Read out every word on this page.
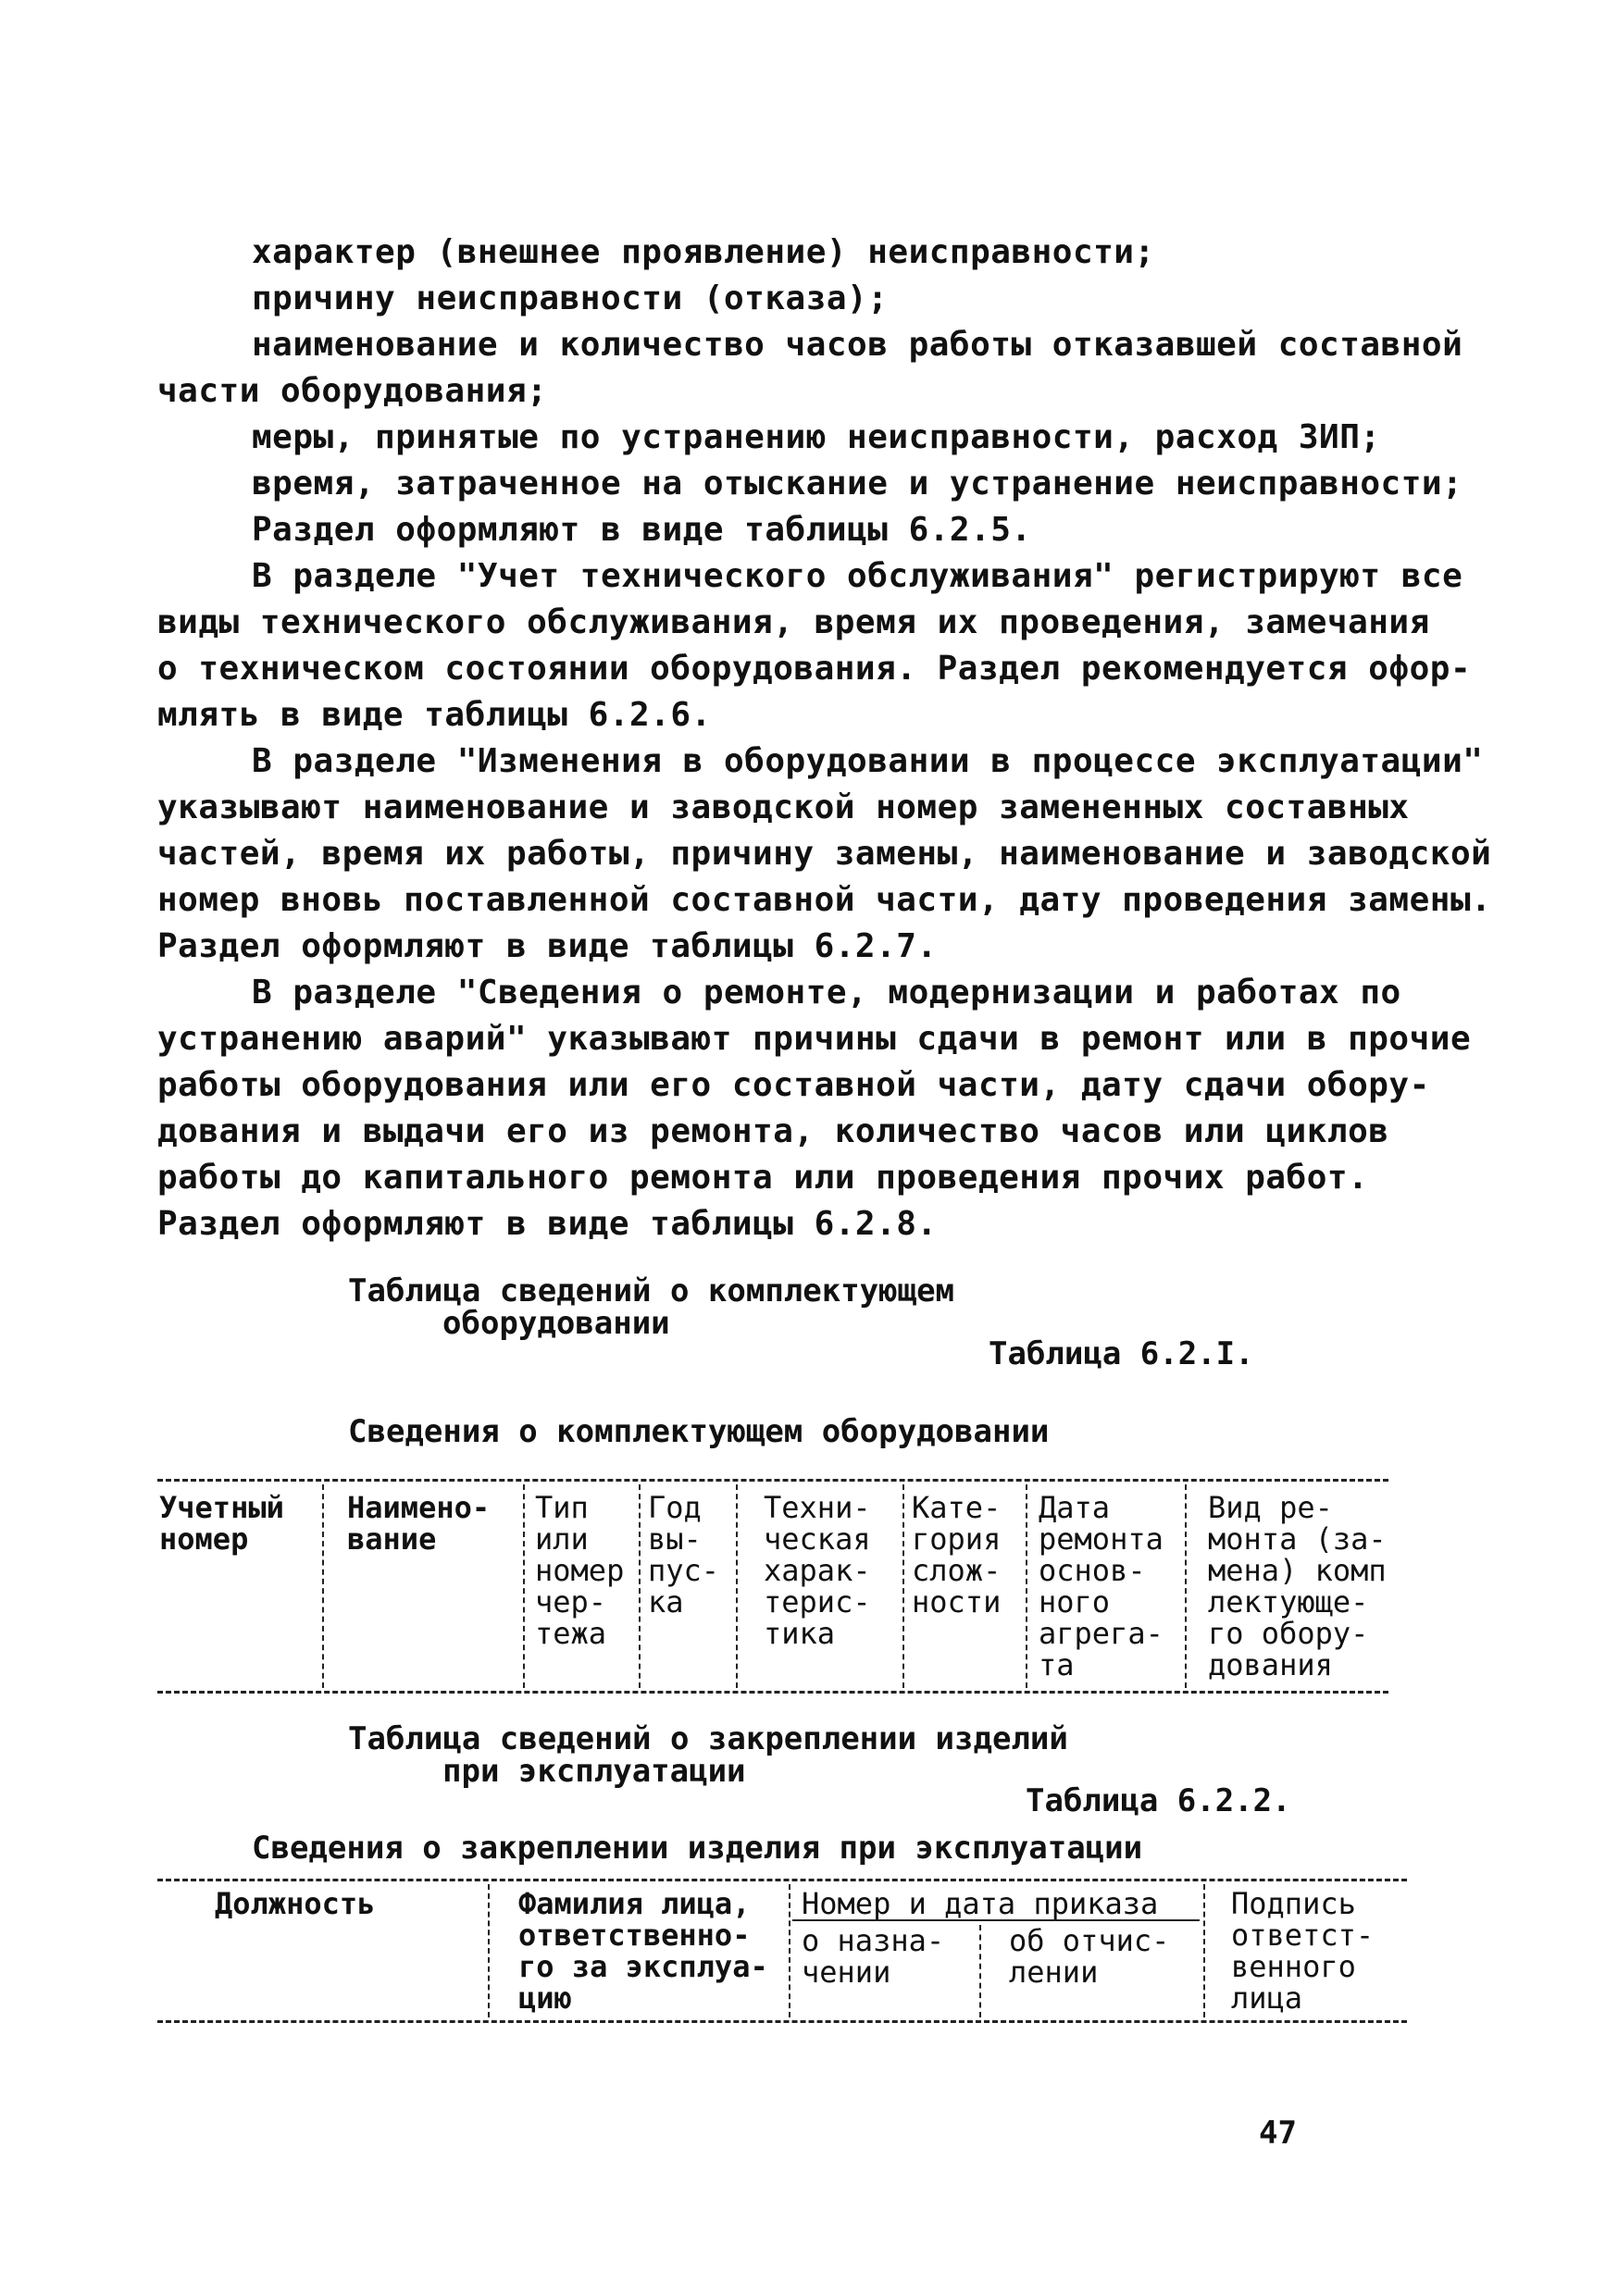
характер (внешнее проявление) неисправности;
причину неисправности (отказа);
наименование и количество часов работы отказавшей составной
части оборудования;
меры, принятые по устранению неисправности, расход ЗИП;
время, затраченное на отыскание и устранение неисправности;
Раздел оформляют в виде таблицы 6.2.5.
В разделе "Учет технического обслуживания" регистрируют все
виды технического обслуживания, время их проведения, замечания
о техническом состоянии оборудования. Раздел рекомендуется офор-
млять в виде таблицы 6.2.6.
В разделе "Изменения в оборудовании в процессе эксплуатации"
указывают наименование и заводской номер замененных составных
частей, время их работы, причину замены, наименование и заводской
номер вновь поставленной составной части, дату проведения замены.
Раздел оформляют в виде таблицы 6.2.7.
В разделе "Сведения о ремонте, модернизации и работах по
устранению аварий" указывают причины сдачи в ремонт или в прочие
работы оборудования или его составной части, дату сдачи обору-
дования и выдачи его из ремонта, количество часов или циклов
работы до капитального ремонта или проведения прочих работ.
Раздел оформляют в виде таблицы 6.2.8.
Таблица сведений о комплектующем
оборудовании
Таблица 6.2.I.
Сведения о комплектующем оборудовании
Учетный
номер
Наимено-
вание
Тип
или
номер
чер-
тежа
Год
вы-
пус-
ка
Техни-
ческая
харак-
терис-
тика
Кате-
гория
слож-
ности
Дата
ремонта
основ-
ного
агрега-
та
Вид ре-
монта (за-
мена) комп
лектующе-
го обору-
дования
Таблица сведений о закреплении изделий
при эксплуатации
Таблица 6.2.2.
Сведения о закреплении изделия при эксплуатации
Должность	Фамилия лица,
ответственно-
го за эксплуа-
цию
Номер и дата приказа
о назна-
чении
об отчис-
лении
Подпись
ответст-
венного
лица
47
